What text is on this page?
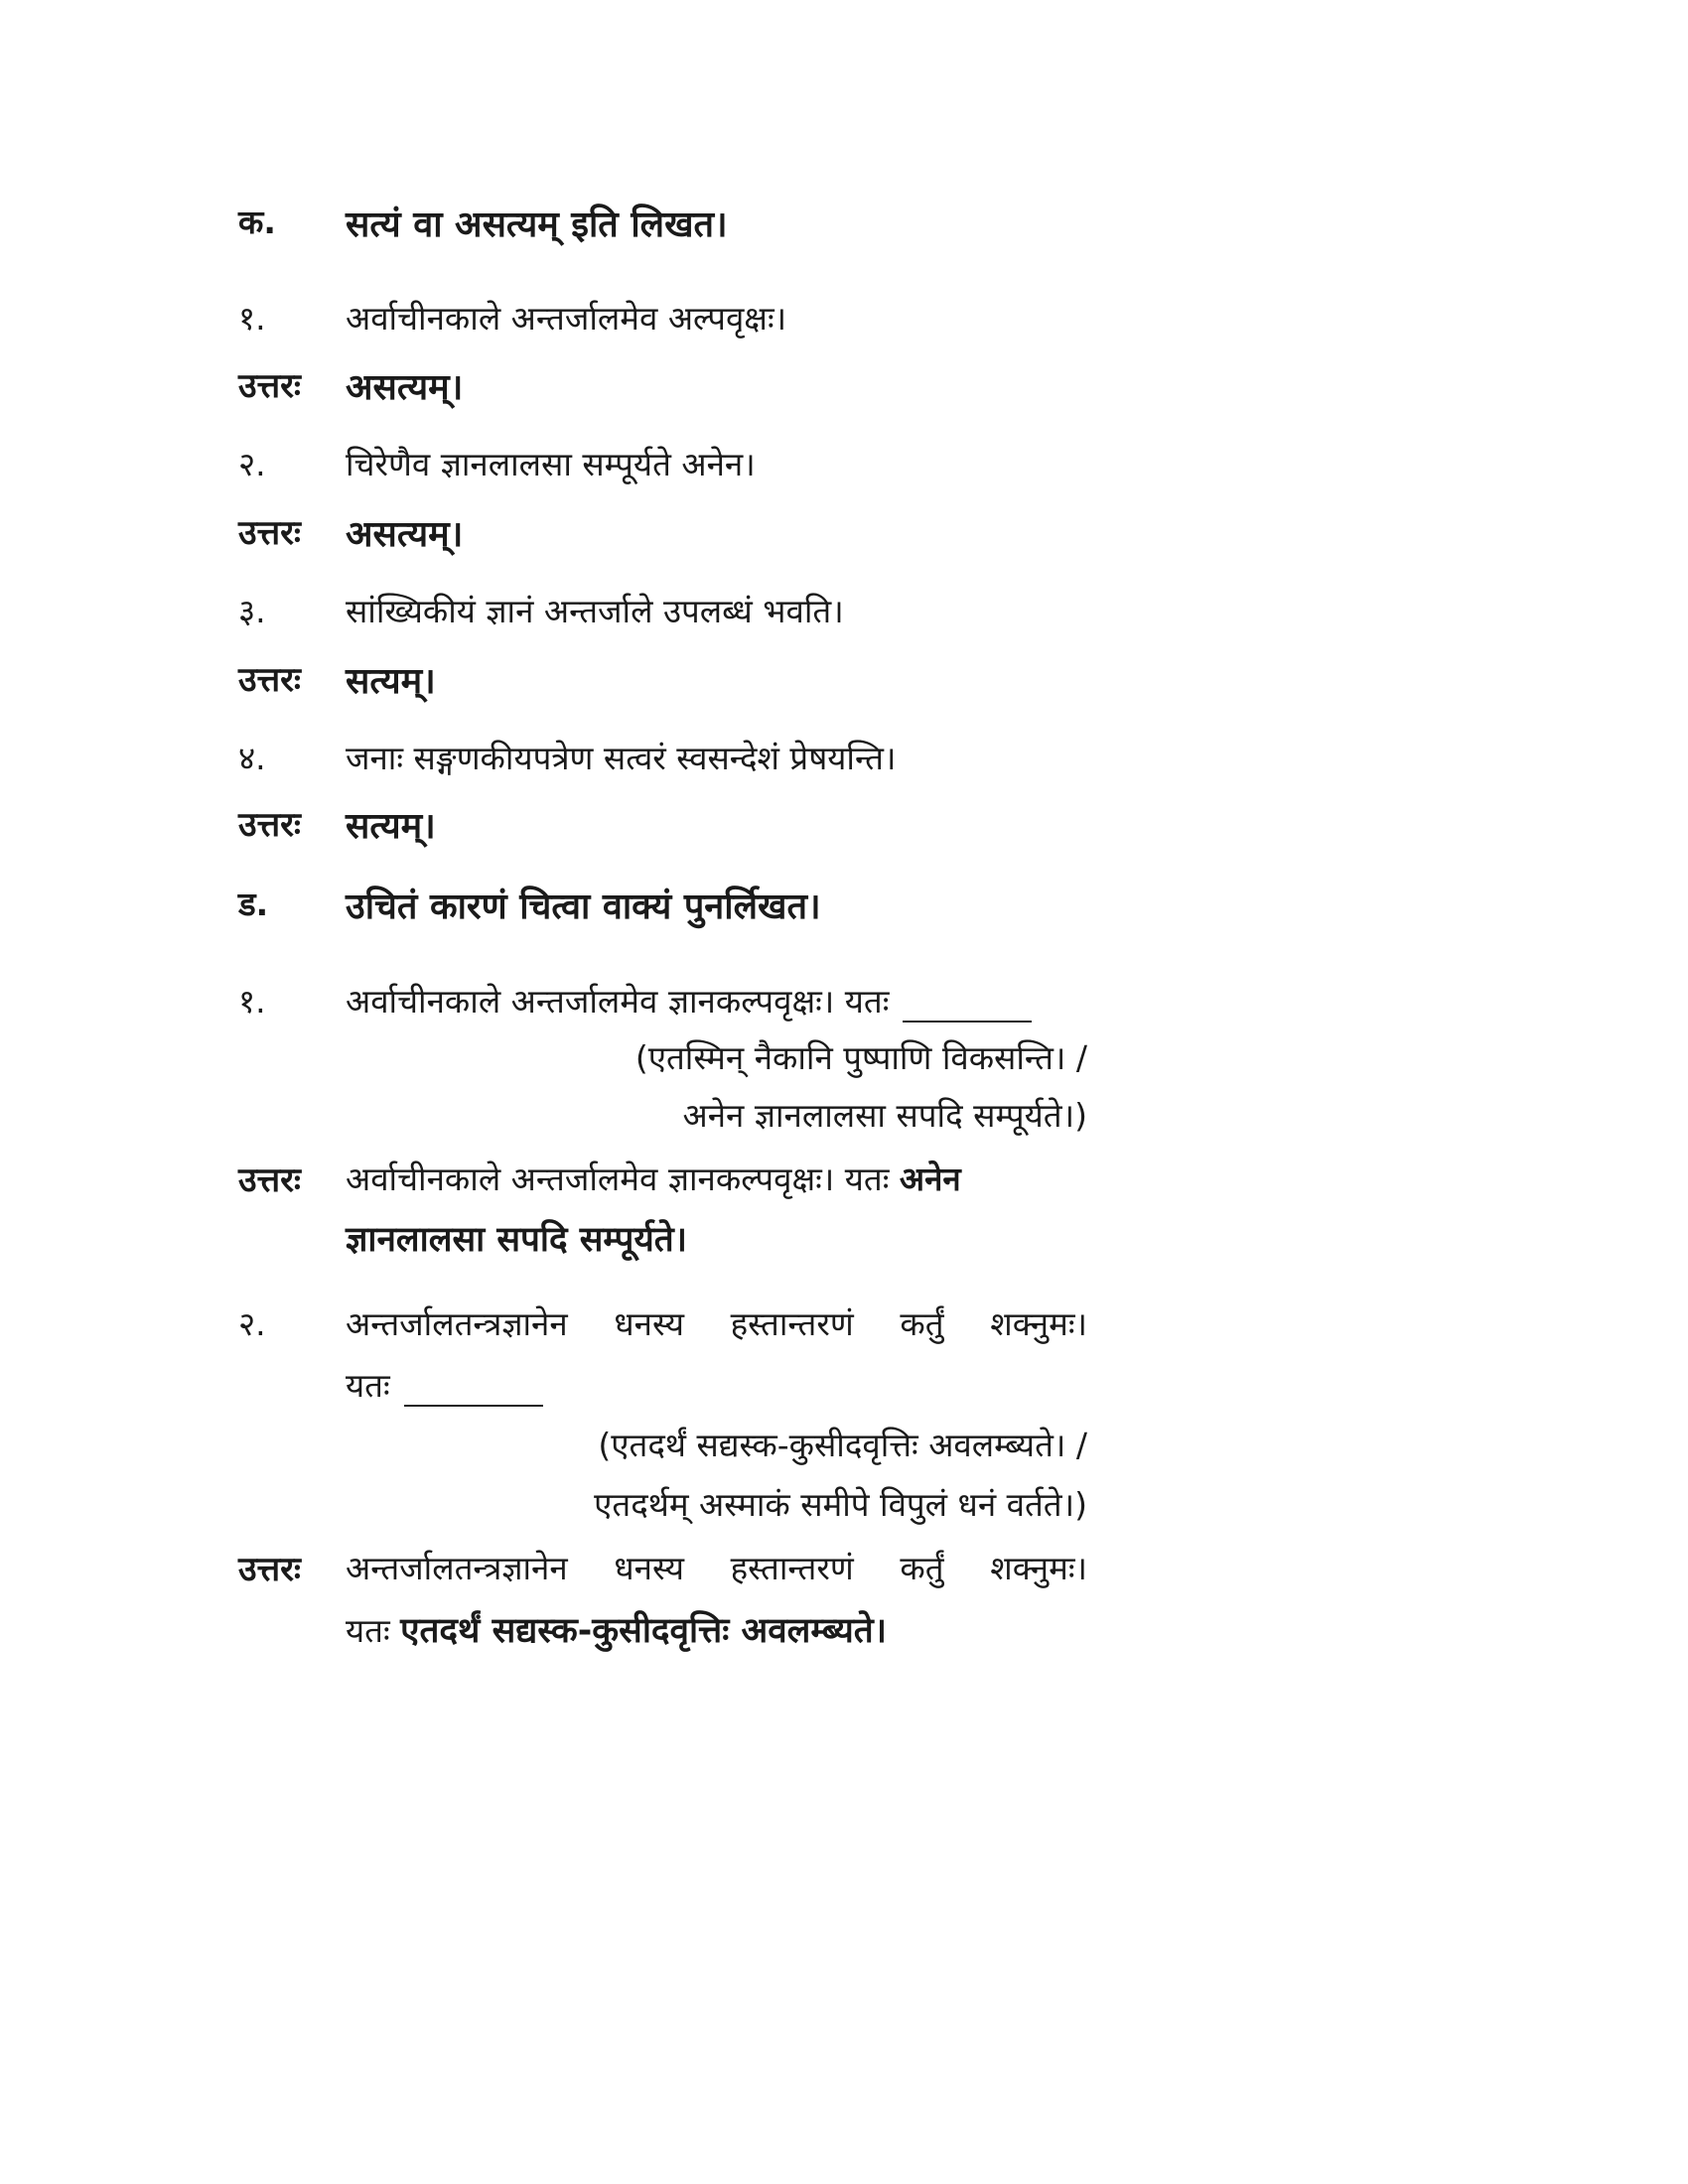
क. सत्यं वा असत्यम् इति लिखत।
१. अर्वाचीनकाले अन्तर्जालमेव अल्पवृक्षः।
उत्तरः असत्यम्।
२. चिरेणैव ज्ञानलालसा सम्पूर्यते अनेन।
उत्तरः असत्यम्।
३. सांख्यिकीयं ज्ञानं अन्तर्जाले उपलब्धं भवति।
उत्तरः सत्यम्।
४. जनाः सङ्गणकीयपत्रेण सत्वरं स्वसन्देशं प्रेषयन्ति।
उत्तरः सत्यम्।
ड. उचितं कारणं चित्वा वाक्यं पुनर्लिखत।
१. अर्वाचीनकाले अन्तर्जालमेव ज्ञानकल्पवृक्षः। यतः
(एतस्मिन् नैकानि पुष्पाणि विकसन्ति। /
अनेन ज्ञानलालसा सपदि सम्पूर्यते।)
उत्तरः अर्वाचीनकाले अन्तर्जालमेव ज्ञानकल्पवृक्षः। यतः अनेन
ज्ञानलालसा सपदि सम्पूर्यते।
२. अन्तर्जालतन्त्रज्ञानेन धनस्य हस्तान्तरणं कर्तुं शक्नुमः।
यतः
(एतदर्थं सद्यस्क-कुसीदवृत्तिः अवलम्ब्यते। /
एतदर्थम् अस्माकं समीपे विपुलं धनं वर्तते।)
उत्तरः अन्तर्जालतन्त्रज्ञानेन धनस्य हस्तान्तरणं कर्तुं शक्नुमः।
यतः एतदर्थं सद्यस्क-कुसीदवृत्तिः अवलम्ब्यते।
